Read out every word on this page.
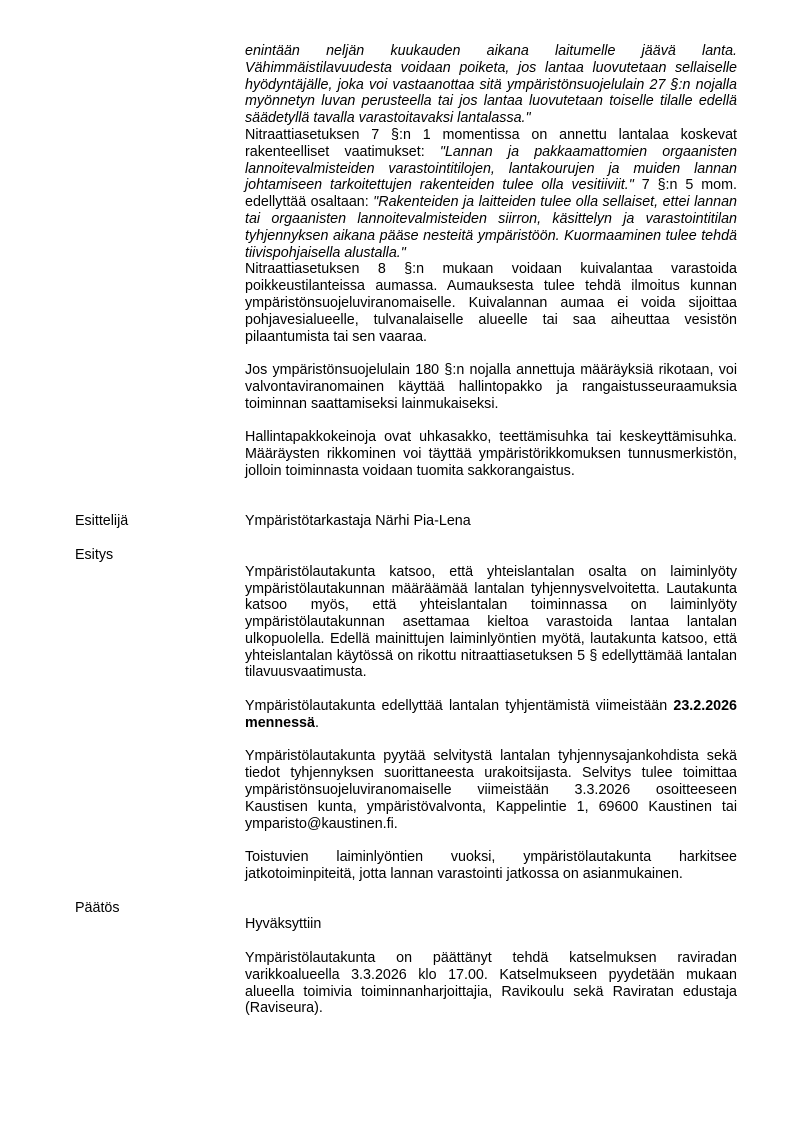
enintään neljän kuukauden aikana laitumelle jäävä lanta. Vähimmäistilavuudesta voidaan poiketa, jos lantaa luovutetaan sellaiselle hyödyntäjälle, joka voi vastaanottaa sitä ympäristönsuojelulain 27 §:n nojalla myönnetyn luvan perusteella tai jos lantaa luovutetaan toiselle tilalle edellä säädetyllä tavalla varastoitavaksi lantalassa."

Nitraattiasetuksen 7 §:n 1 momentissa on annettu lantalaa koskevat rakenteelliset vaatimukset: "Lannan ja pakkaamattomien orgaanisten lannoitevalmisteiden varastointitilojen, lantakourujen ja muiden lannan johtamiseen tarkoitettujen rakenteiden tulee olla vesitiiviit." 7 §:n 5 mom. edellyttää osaltaan: "Rakenteiden ja laitteiden tulee olla sellaiset, ettei lannan tai orgaanisten lannoitevalmisteiden siirron, käsittelyn ja varastointitilan tyhjennyksen aikana pääse nesteitä ympäristöön. Kuormaaminen tulee tehdä tiivispohjaisella alustalla."

Nitraattiasetuksen 8 §:n mukaan voidaan kuivalantaa varastoida poikkeustilanteissa aumassa. Aumauksesta tulee tehdä ilmoitus kunnan ympäristönsuojeluviranomaiselle. Kuivalannan aumaa ei voida sijoittaa pohjavesialueelle, tulvanalaiselle alueelle tai saa aiheuttaa vesistön pilaantumista tai sen vaaraa.

Jos ympäristönsuojelulain 180 §:n nojalla annettuja määräyksiä rikotaan, voi valvontaviranomainen käyttää hallintopakko ja rangaistusseuraamuksia toiminnan saattamiseksi lainmukaiseksi.

Hallintapakkokeinoja ovat uhkasakko, teettämisuhka tai keskeyttämisuhka. Määräysten rikkominen voi täyttää ympäristörikkomuksen tunnusmerkistön, jolloin toiminnasta voidaan tuomita sakkorangaistus.

Esittelijä	Ympäristötarkastaja Närhi Pia-Lena

Esitys

Ympäristölautakunta katsoo, että yhteislantalan osalta on laiminlyöty ympäristölautakunnan määräämää lantalan tyhjennysvelvoitetta. Lautakunta katsoo myös, että yhteislantalan toiminnassa on laiminlyöty ympäristölautakunnan asettamaa kieltoa varastoida lantaa lantalan ulkopuolella. Edellä mainittujen laiminlyöntien myötä, lautakunta katsoo, että yhteislantalan käytössä on rikottu nitraattiasetuksen 5 § edellyttämää lantalan tilavuusvaatimusta.

Ympäristölautakunta edellyttää lantalan tyhjentämistä viimeistään 23.2.2026 mennessä.

Ympäristölautakunta pyytää selvitystä lantalan tyhjennysajankohdista sekä tiedot tyhjennyksen suorittaneesta urakoitsijasta. Selvitys tulee toimittaa ympäristönsuojeluviranomaiselle viimeistään 3.3.2026 osoitteeseen Kaustisen kunta, ympäristövalvonta, Kappelintie 1, 69600 Kaustinen tai ymparisto@kaustinen.fi.

Toistuvien laiminlyöntien vuoksi, ympäristölautakunta harkitsee jatkotoiminpiteitä, jotta lannan varastointi jatkossa on asianmukainen.

Päätös

Hyväksyttiin

Ympäristölautakunta on päättänyt tehdä katselmuksen raviradan varikkoalueella 3.3.2026 klo 17.00. Katselmukseen pyydetään mukaan alueella toimivia toiminnanharjoittajia, Ravikoulu sekä Raviratan edustaja (Raviseura).
